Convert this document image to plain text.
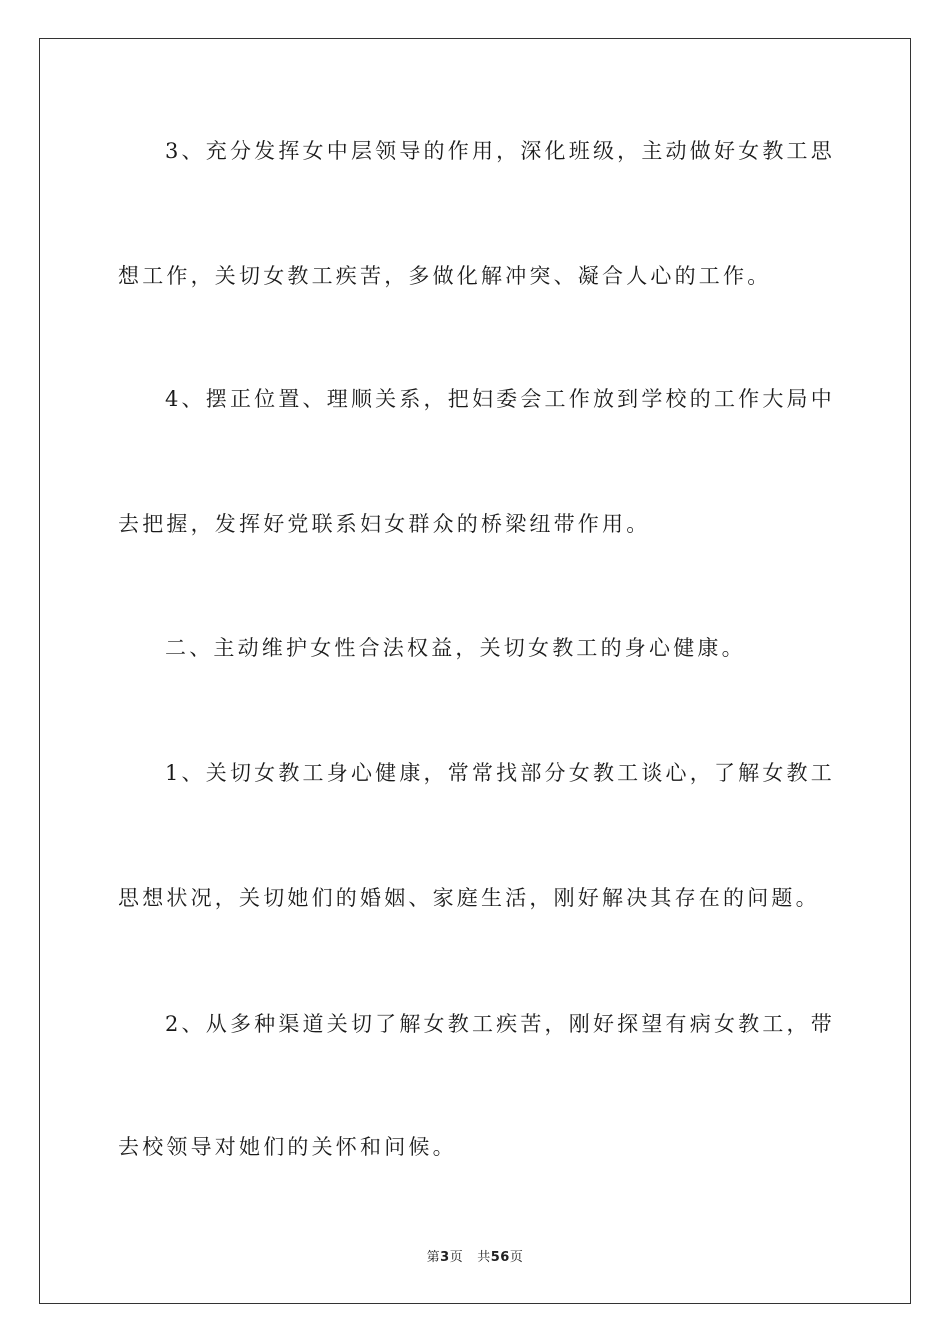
3、充分发挥女中层领导的作用，深化班级，主动做好女教工思
想工作，关切女教工疾苦，多做化解冲突、凝合人心的工作。
4、摆正位置、理顺关系，把妇委会工作放到学校的工作大局中
去把握，发挥好党联系妇女群众的桥梁纽带作用。
二、主动维护女性合法权益，关切女教工的身心健康。
1、关切女教工身心健康，常常找部分女教工谈心，了解女教工
思想状况，关切她们的婚姻、家庭生活，刚好解决其存在的问题。
2、从多种渠道关切了解女教工疾苦，刚好探望有病女教工，带
去校领导对她们的关怀和问候。
第3页 共56页
